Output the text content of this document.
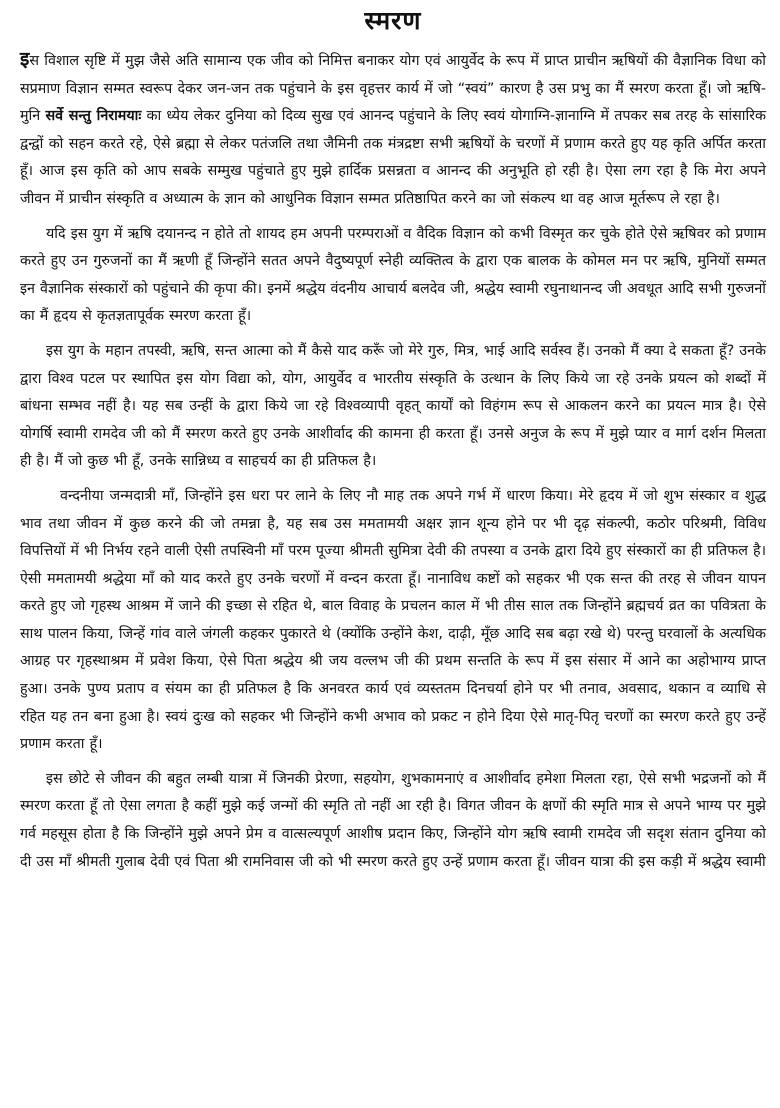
स्मरण

इस विशाल सृष्टि में मुझ जैसे अति सामान्य एक जीव को निमित्त बनाकर योग एवं आयुर्वेद के रूप में प्राप्त प्राचीन ऋषियों की वैज्ञानिक विधा को सप्रमाण विज्ञान सम्मत स्वरूप देकर जन-जन तक पहुंचाने के इस वृहत्तर कार्य में जो “स्वयं” कारण है उस प्रभु का मैं स्मरण करता हूँ। जो ऋषि-मुनि सर्वे सन्तु निरामयाः का ध्येय लेकर दुनिया को दिव्य सुख एवं आनन्द पहुंचाने के लिए स्वयं योगाग्नि-ज्ञानाग्नि में तपकर सब तरह के सांसारिक द्वन्द्वों को सहन करते रहे, ऐसे ब्रह्मा से लेकर पतंजलि तथा जैमिनी तक मंत्रद्रष्टा सभी ऋषियों के चरणों में प्रणाम करते हुए यह कृति अर्पित करता हूँ। आज इस कृति को आप सबके सम्मुख पहुंचाते हुए मुझे हार्दिक प्रसन्नता व आनन्द की अनुभूति हो रही है। ऐसा लग रहा है कि मेरा अपने जीवन में प्राचीन संस्कृति व अध्यात्म के ज्ञान को आधुनिक विज्ञान सम्मत प्रतिष्ठापित करने का जो संकल्प था वह आज मूर्तरूप ले रहा है।

यदि इस युग में ऋषि दयानन्द न होते तो शायद हम अपनी परम्पराओं व वैदिक विज्ञान को कभी विस्मृत कर चुके होते ऐसे ऋषिवर को प्रणाम करते हुए उन गुरुजनों का मैं ऋणी हूँ जिन्होंने सतत अपने वैदुष्यपूर्ण स्नेही व्यक्तित्व के द्वारा एक बालक के कोमल मन पर ऋषि, मुनियों सम्मत इन वैज्ञानिक संस्कारों को पहुंचाने की कृपा की। इनमें श्रद्धेय वंदनीय आचार्य बलदेव जी, श्रद्धेय स्वामी रघुनाथानन्द जी अवधूत आदि सभी गुरुजनों का मैं हृदय से कृतज्ञतापूर्वक स्मरण करता हूँ।

इस युग के महान तपस्वी, ऋषि, सन्त आत्मा को मैं कैसे याद करूँ जो मेरे गुरु, मित्र, भाई आदि सर्वस्व हैं। उनको मैं क्या दे सकता हूँ? उनके द्वारा विश्व पटल पर स्थापित इस योग विद्या को, योग, आयुर्वेद व भारतीय संस्कृति के उत्थान के लिए किये जा रहे उनके प्रयत्न को शब्दों में बांधना सम्भव नहीं है। यह सब उन्हीं के द्वारा किये जा रहे विश्वव्यापी वृहत् कार्यों को विहंगम रूप से आकलन करने का प्रयत्न मात्र है। ऐसे योगर्षि स्वामी रामदेव जी को मैं स्मरण करते हुए उनके आशीर्वाद की कामना ही करता हूँ। उनसे अनुज के रूप में मुझे प्यार व मार्ग दर्शन मिलता ही है। मैं जो कुछ भी हूँ, उनके सान्निध्य व साहचर्य का ही प्रतिफल है।

वन्दनीया जन्मदात्री माँ, जिन्होंने इस धरा पर लाने के लिए नौ माह तक अपने गर्भ में धारण किया। मेरे हृदय में जो शुभ संस्कार व शुद्ध भाव तथा जीवन में कुछ करने की जो तमन्ना है, यह सब उस ममतामयी अक्षर ज्ञान शून्य होने पर भी दृढ़ संकल्पी, कठोर परिश्रमी, विविध विपत्तियों में भी निर्भय रहने वाली ऐसी तपस्विनी माँ परम पूज्या श्रीमती सुमित्रा देवी की तपस्या व उनके द्वारा दिये हुए संस्कारों का ही प्रतिफल है। ऐसी ममतामयी श्रद्धेया माँ को याद करते हुए उनके चरणों में वन्दन करता हूँ। नानाविध कष्टों को सहकर भी एक सन्त की तरह से जीवन यापन करते हुए जो गृहस्थ आश्रम में जाने की इच्छा से रहित थे, बाल विवाह के प्रचलन काल में भी तीस साल तक जिन्होंने ब्रह्मचर्य व्रत का पवित्रता के साथ पालन किया, जिन्हें गांव वाले जंगली कहकर पुकारते थे (क्योंकि उन्होंने केश, दाढ़ी, मूँछ आदि सब बढ़ा रखे थे) परन्तु घरवालों के अत्यधिक आग्रह पर गृहस्थाश्रम में प्रवेश किया, ऐसे पिता श्रद्धेय श्री जय वल्लभ जी की प्रथम सन्तति के रूप में इस संसार में आने का अहोभाग्य प्राप्त हुआ। उनके पुण्य प्रताप व संयम का ही प्रतिफल है कि अनवरत कार्य एवं व्यस्ततम दिनचर्या होने पर भी तनाव, अवसाद, थकान व व्याधि से रहित यह तन बना हुआ है। स्वयं दुःख को सहकर भी जिन्होंने कभी अभाव को प्रकट न होने दिया ऐसे मातृ-पितृ चरणों का स्मरण करते हुए उन्हें प्रणाम करता हूँ।

इस छोटे से जीवन की बहुत लम्बी यात्रा में जिनकी प्रेरणा, सहयोग, शुभकामनाएं व आशीर्वाद हमेशा मिलता रहा, ऐसे सभी भद्रजनों को मैं स्मरण करता हूँ तो ऐसा लगता है कहीं मुझे कई जन्मों की स्मृति तो नहीं आ रही है। विगत जीवन के क्षणों की स्मृति मात्र से अपने भाग्य पर मुझे गर्व महसूस होता है कि जिन्होंने मुझे अपने प्रेम व वात्सल्यपूर्ण आशीष प्रदान किए, जिन्होंने योग ऋषि स्वामी रामदेव जी सदृश संतान दुनिया को दी उस माँ श्रीमती गुलाब देवी एवं पिता श्री रामनिवास जी को भी स्मरण करते हुए उन्हें प्रणाम करता हूँ। जीवन यात्रा की इस कड़ी में श्रद्धेय स्वामी
